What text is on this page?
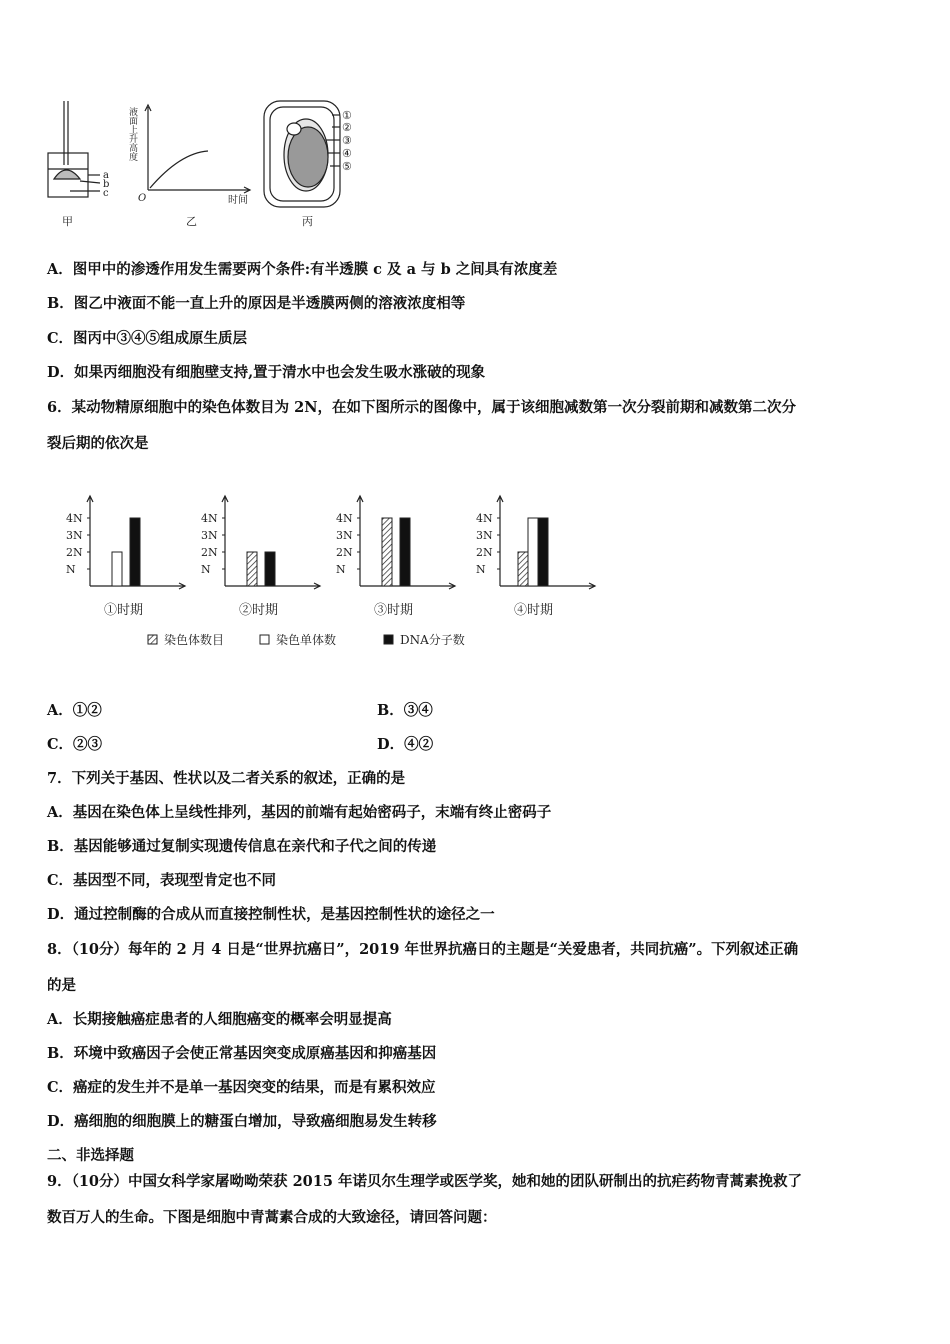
a
b
c
甲
液面上升高度
时间
O
乙
①
②
③
④
⑤
丙
A．图甲中的渗透作用发生需要两个条件:有半透膜 c 及 a 与 b 之间具有浓度差
B．图乙中液面不能一直上升的原因是半透膜两侧的溶液浓度相等
C．图丙中③④⑤组成原生质层
D．如果丙细胞没有细胞壁支持,置于清水中也会发生吸水涨破的现象
6．某动物精原细胞中的染色体数目为 2N，在如下图所示的图像中，属于该细胞减数第一次分裂前期和减数第二次分
裂后期的依次是
4N
3N
2N
N
①时期
4N
3N
2N
N
②时期
4N
3N
2N
N
③时期
4N
3N
2N
N
④时期
染色体数目	染色单体数	DNA分子数
A．①②	B．③④
C．②③	D．④②
7．下列关于基因、性状以及二者关系的叙述，正确的是
A．基因在染色体上呈线性排列，基因的前端有起始密码子，末端有终止密码子
B．基因能够通过复制实现遗传信息在亲代和子代之间的传递
C．基因型不同，表现型肯定也不同
D．通过控制酶的合成从而直接控制性状，是基因控制性状的途径之一
8．（10分）每年的 2 月 4 日是“世界抗癌日”，2019 年世界抗癌日的主题是“关爱患者，共同抗癌”。下列叙述正确
的是
A．长期接触癌症患者的人细胞癌变的概率会明显提高
B．环境中致癌因子会使正常基因突变成原癌基因和抑癌基因
C．癌症的发生并不是单一基因突变的结果，而是有累积效应
D．癌细胞的细胞膜上的糖蛋白增加，导致癌细胞易发生转移
二、非选择题
9．（10分）中国女科学家屠呦呦荣获 2015 年诺贝尔生理学或医学奖，她和她的团队研制出的抗疟药物青蒿素挽救了
数百万人的生命。下图是细胞中青蒿素合成的大致途径，请回答问题：
